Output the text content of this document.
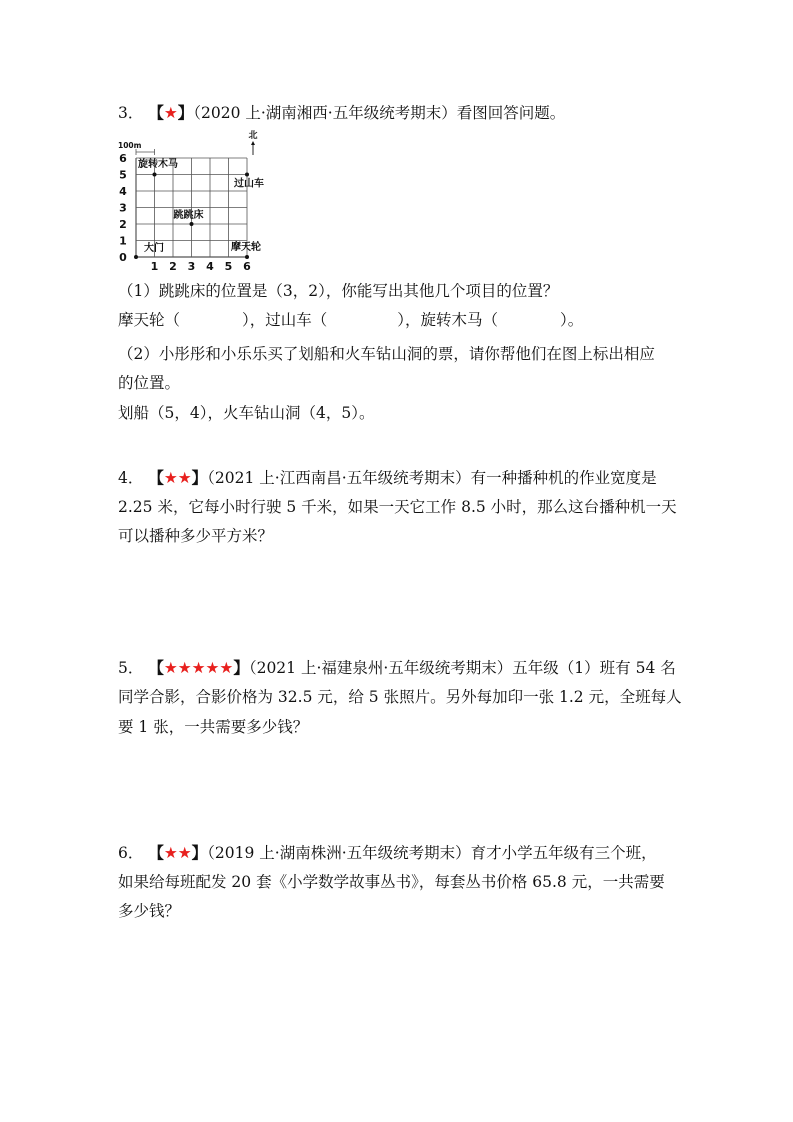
3． 【★】（2020 上·湖南湘西·五年级统考期末）看图回答问题。
1 2 3 4 5 6
0
1
2
3
4
5
6
100m
北
旋转木马
过山车
跳跳床
大门	摩天轮
（1）跳跳床的位置是（3，2），你能写出其他几个项目的位置？
摩天轮（	），过山车（	），旋转木马（	）。
（2）小彤彤和小乐乐买了划船和火车钻山洞的票，请你帮他们在图上标出相应
的位置。
划船（5，4），火车钻山洞（4，5）。
4． 【★★】（2021 上·江西南昌·五年级统考期末）有一种播种机的作业宽度是
2.25 米，它每小时行驶 5 千米，如果一天它工作 8.5 小时，那么这台播种机一天
可以播种多少平方米？
5． 【★★★★★】（2021 上·福建泉州·五年级统考期末）五年级（1）班有 54 名
同学合影，合影价格为 32.5 元，给 5 张照片。另外每加印一张 1.2 元，全班每人
要 1 张，一共需要多少钱？
6． 【★★】（2019 上·湖南株洲·五年级统考期末）育才小学五年级有三个班，
如果给每班配发 20 套《小学数学故事丛书》，每套丛书价格 65.8 元，一共需要
多少钱？
